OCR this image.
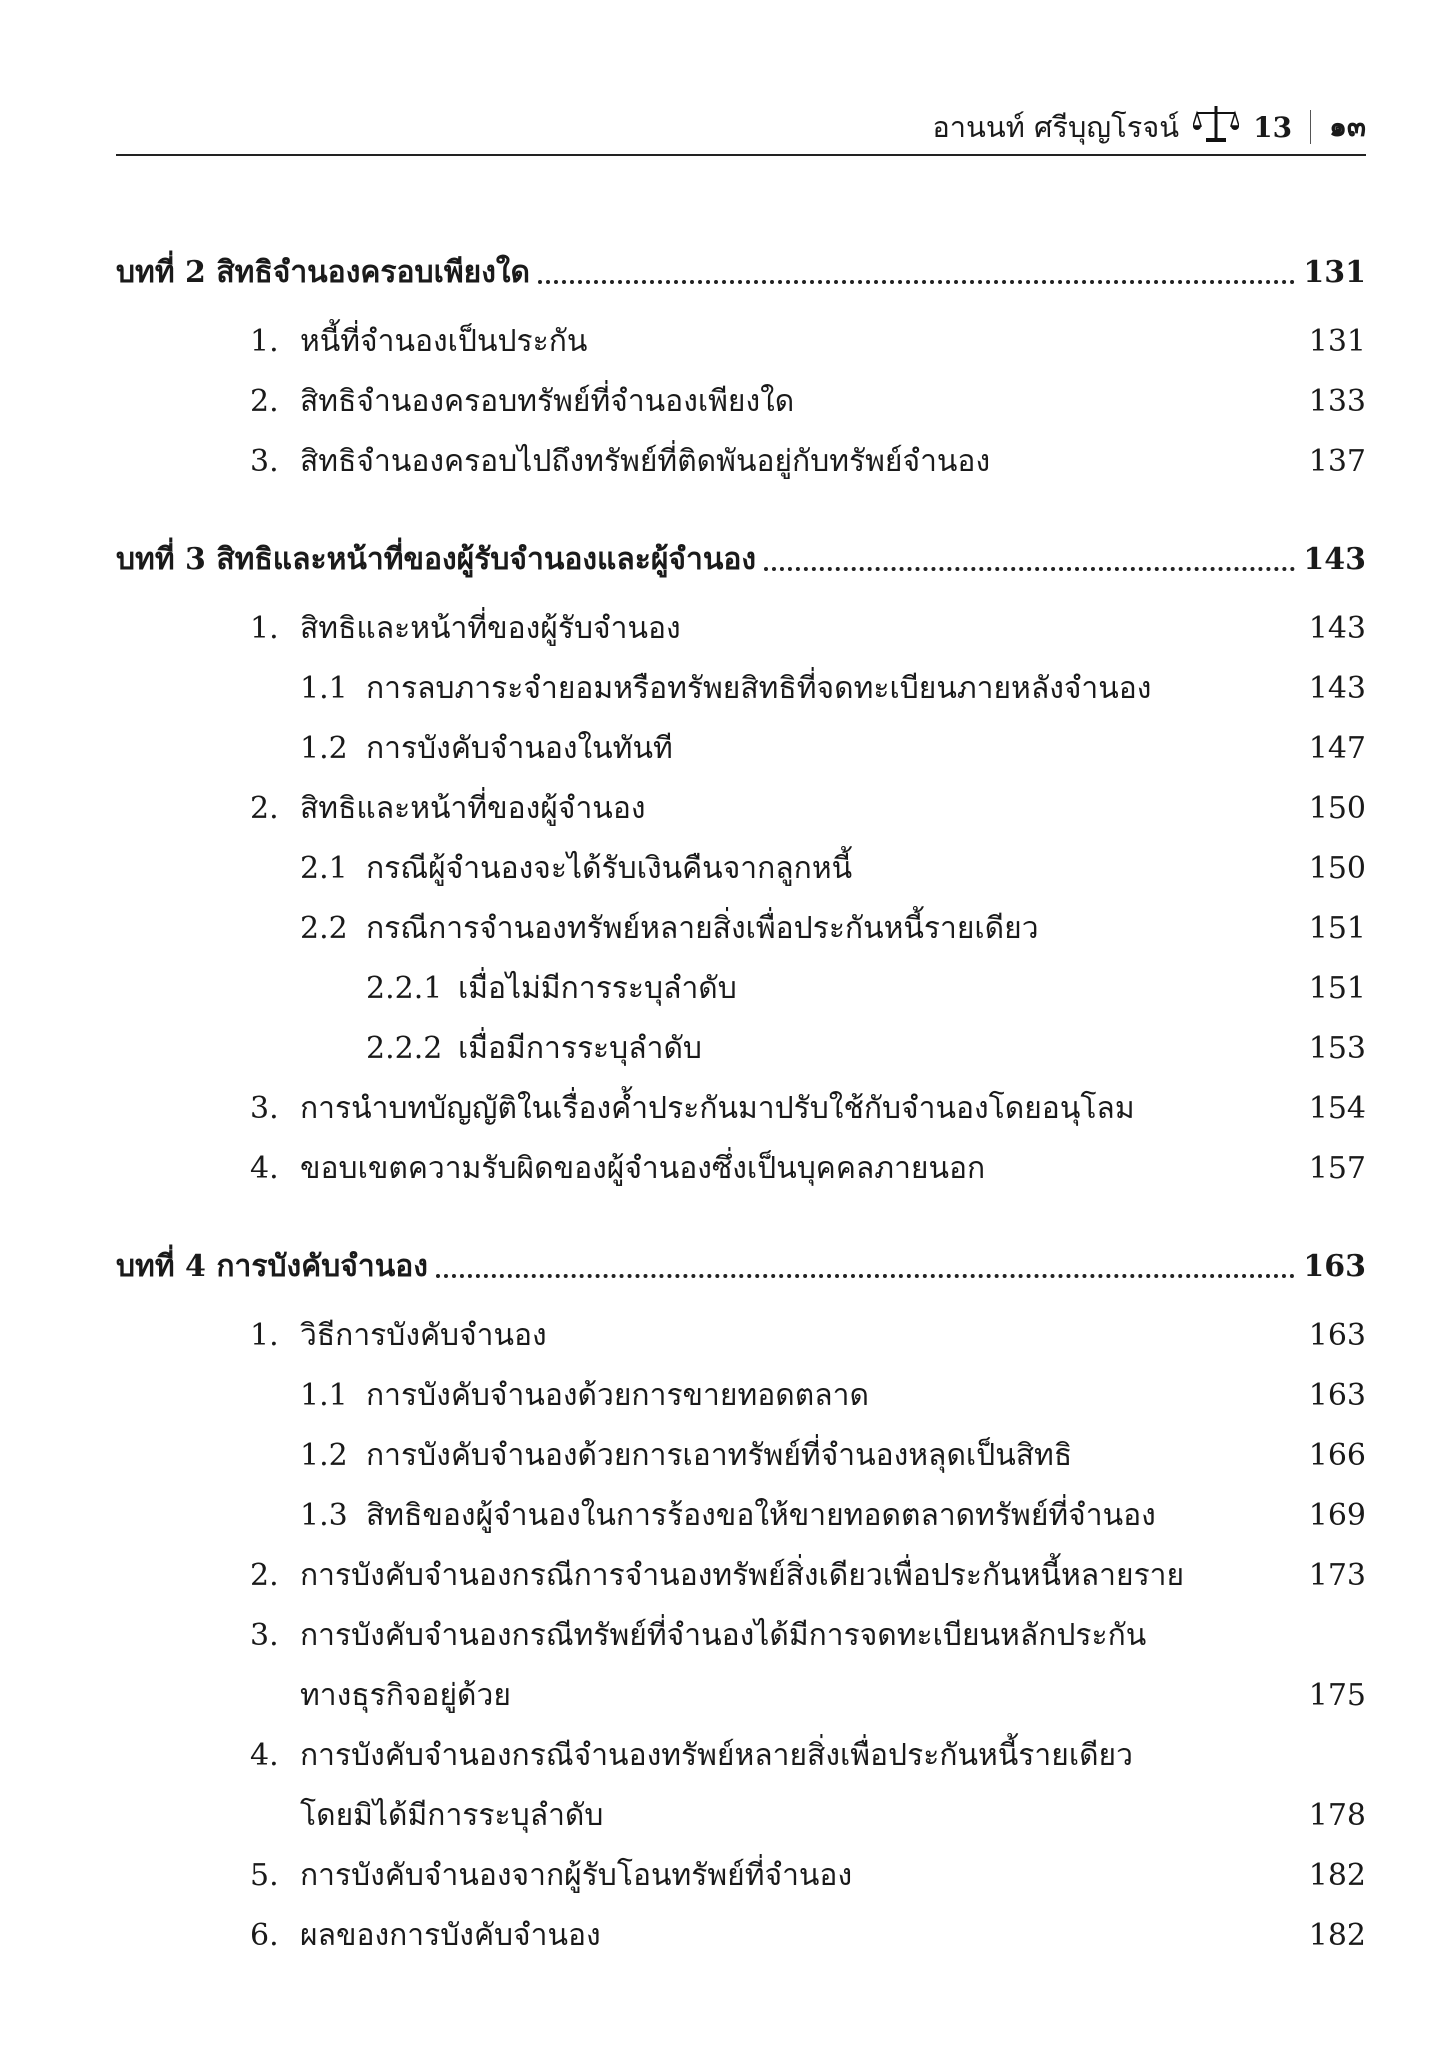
อานนท์ ศรีบุญโรจน์	13 ๑๓
บทที่ 2 สิทธิจำนองครอบเพียงใด	131
1. หนี้ที่จำนองเป็นประกัน	131
2. สิทธิจำนองครอบทรัพย์ที่จำนองเพียงใด	133
3. สิทธิจำนองครอบไปถึงทรัพย์ที่ติดพันอยู่กับทรัพย์จำนอง	137
บทที่ 3 สิทธิและหน้าที่ของผู้รับจำนองและผู้จำนอง	143
1. สิทธิและหน้าที่ของผู้รับจำนอง	143
1.1 การลบภาระจำยอมหรือทรัพยสิทธิที่จดทะเบียนภายหลังจำนอง	143
1.2 การบังคับจำนองในทันที	147
2. สิทธิและหน้าที่ของผู้จำนอง	150
2.1 กรณีผู้จำนองจะได้รับเงินคืนจากลูกหนี้	150
2.2 กรณีการจำนองทรัพย์หลายสิ่งเพื่อประกันหนี้รายเดียว	151
2.2.1 เมื่อไม่มีการระบุลำดับ	151
2.2.2 เมื่อมีการระบุลำดับ	153
3. การนำบทบัญญัติในเรื่องค้ำประกันมาปรับใช้กับจำนองโดยอนุโลม	154
4. ขอบเขตความรับผิดของผู้จำนองซึ่งเป็นบุคคลภายนอก	157
บทที่ 4 การบังคับจำนอง	163
1. วิธีการบังคับจำนอง	163
1.1 การบังคับจำนองด้วยการขายทอดตลาด	163
1.2 การบังคับจำนองด้วยการเอาทรัพย์ที่จำนองหลุดเป็นสิทธิ	166
1.3 สิทธิของผู้จำนองในการร้องขอให้ขายทอดตลาดทรัพย์ที่จำนอง	169
2. การบังคับจำนองกรณีการจำนองทรัพย์สิ่งเดียวเพื่อประกันหนี้หลายราย	173
3. การบังคับจำนองกรณีทรัพย์ที่จำนองได้มีการจดทะเบียนหลักประกัน
ทางธุรกิจอยู่ด้วย	175
4. การบังคับจำนองกรณีจำนองทรัพย์หลายสิ่งเพื่อประกันหนี้รายเดียว
โดยมิได้มีการระบุลำดับ	178
5. การบังคับจำนองจากผู้รับโอนทรัพย์ที่จำนอง	182
6. ผลของการบังคับจำนอง	182
